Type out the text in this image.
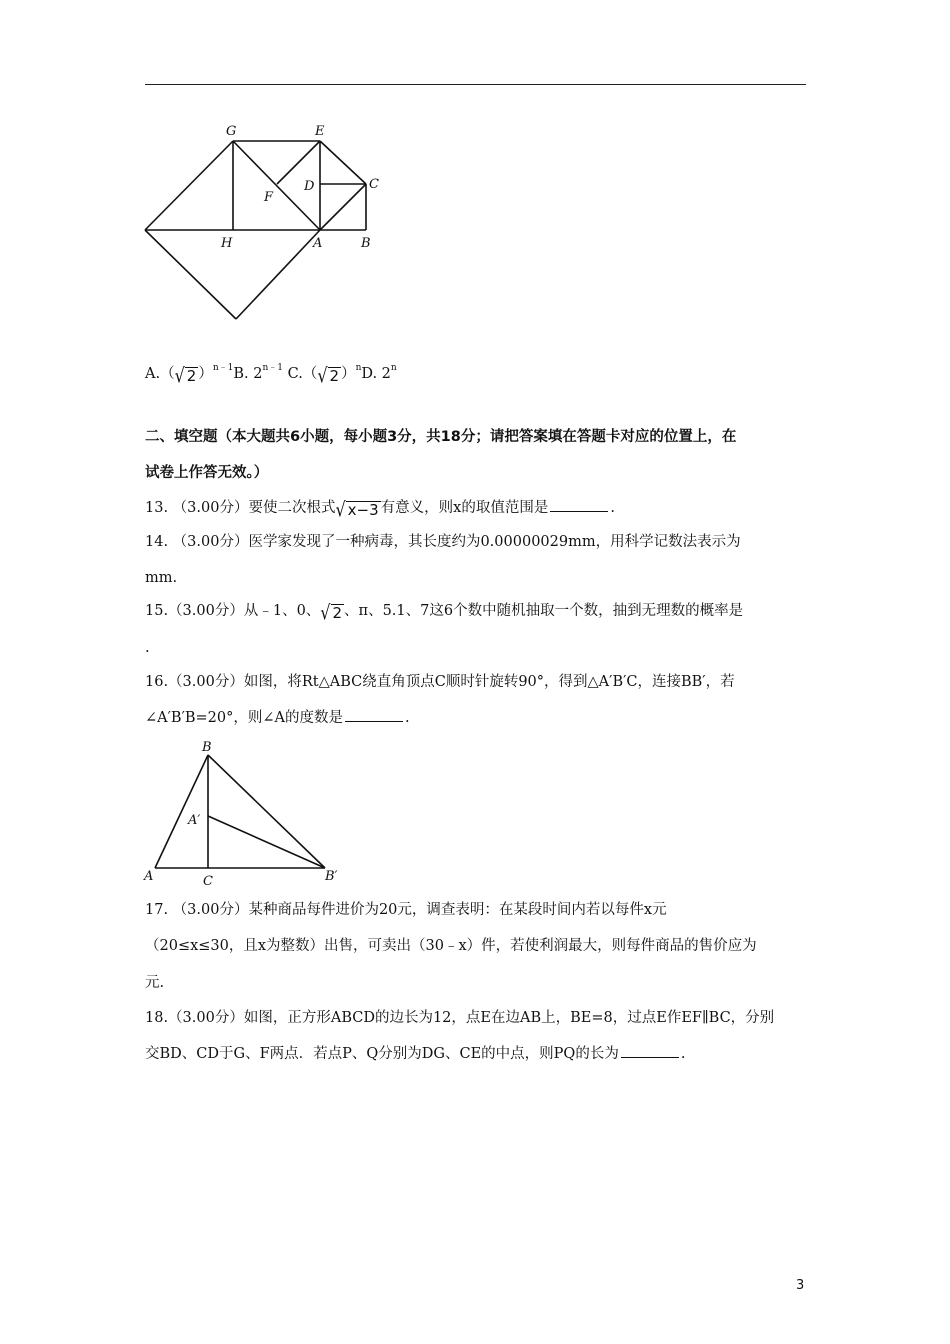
G	E
F
D	C
H	A	B
A.（√ 2 ）$^{n﹣1}$B. $2^{n﹣1}$ C.（√ 2 ）$^n$D. 2$^n$
二、填空题（本大题共6小题，每小题3分，共18分；请把答案填在答题卡对应的位置上，在
试卷上作答无效。）
13. （3.00分）要使二次根式√ x−3 有意义，则x的取值范围是	.
14. （3.00分）医学家发现了一种病毒，其长度约为0.00000029mm，用科学记数法表示为
mm.
15.（3.00分）从﹣1、0、√ 2 、π、5.1、7这6个数中随机抽取一个数，抽到无理数的概率是
.
16.（3.00分）如图，将Rt△ABC绕直角顶点C顺时针旋转90°，得到△A′B′C，连接BB′，若
∠A′B′B=20°，则∠A的度数是	.
B
A′
A	C	B′
17. （3.00分）某种商品每件进价为20元，调查表明：在某段时间内若以每件x元
（20≤x≤30，且x为整数）出售，可卖出（30﹣x）件，若使利润最大，则每件商品的售价应为
元.
18.（3.00分）如图，正方形ABCD的边长为12，点E在边AB上，BE=8，过点E作EF∥BC，分别
交BD、CD于G、F两点．若点P、Q分别为DG、CE的中点，则PQ的长为	.
3
